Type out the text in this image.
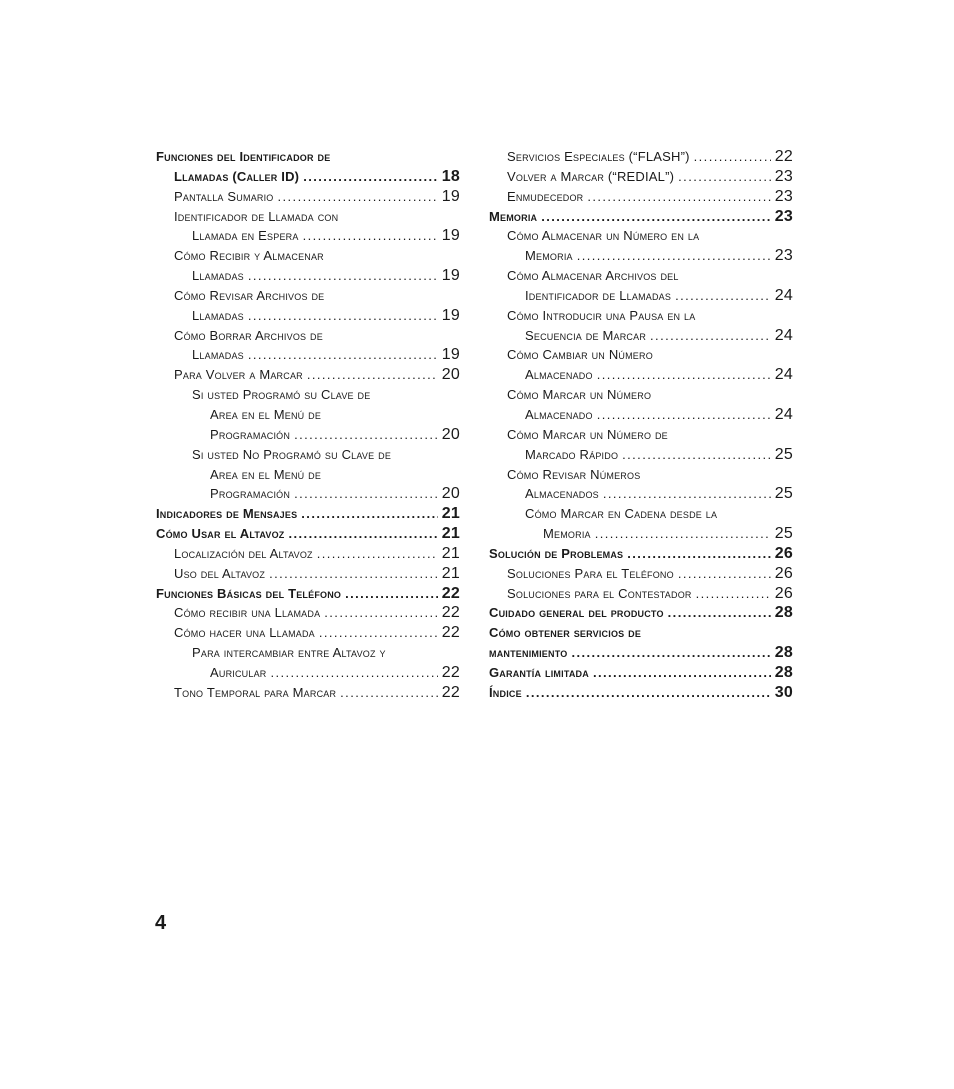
Funciones del Identificador de
Llamadas (Caller ID) .....	18
Pantalla Sumario .....	19
Identificador de Llamada con
Llamada en Espera .....	19
Cómo Recibir y Almacenar
Llamadas .....	19
Cómo Revisar Archivos de
Llamadas .....	19
Cómo Borrar Archivos de
Llamadas .....	19
Para Volver a Marcar .....	20
Si usted Programó su Clave de
Area en el Menú de
Programación .....	20
Si usted No Programó su Clave de
Area en el Menú de
Programación .....	20
Indicadores de Mensajes .....	21
Cómo Usar el Altavoz .....	21
Localización del Altavoz .....	21
Uso del Altavoz .....	21
Funciones Básicas del Teléfono .....	22
Cómo recibir una Llamada .....	22
Cómo hacer una Llamada .....	22
Para intercambiar entre Altavoz y
Auricular .....	22
Tono Temporal para Marcar .....	22
Servicios Especiales (“FLASH”) .....	22
Volver a Marcar (“REDIAL”) .....	23
Enmudecedor .....	23
Memoria .....	23
Cómo Almacenar un Número en la
Memoria .....	23
Cómo Almacenar Archivos del
Identificador de Llamadas .....	24
Cómo Introducir una Pausa en la
Secuencia de Marcar .....	24
Cómo Cambiar un Número
Almacenado .....	24
Cómo Marcar un Número
Almacenado .....	24
Cómo Marcar un Número de
Marcado Rápido .....	25
Cómo Revisar Números
Almacenados .....	25
Cómo Marcar en Cadena desde la
Memoria .....	25
Solución de Problemas .....	26
Soluciones Para el Teléfono .....	26
Soluciones para el Contestador .....	26
Cuidado general del producto .....	28
Cómo obtener servicios de
mantenimiento .....	28
Garantía limitada .....	28
Índice .....	30
4
